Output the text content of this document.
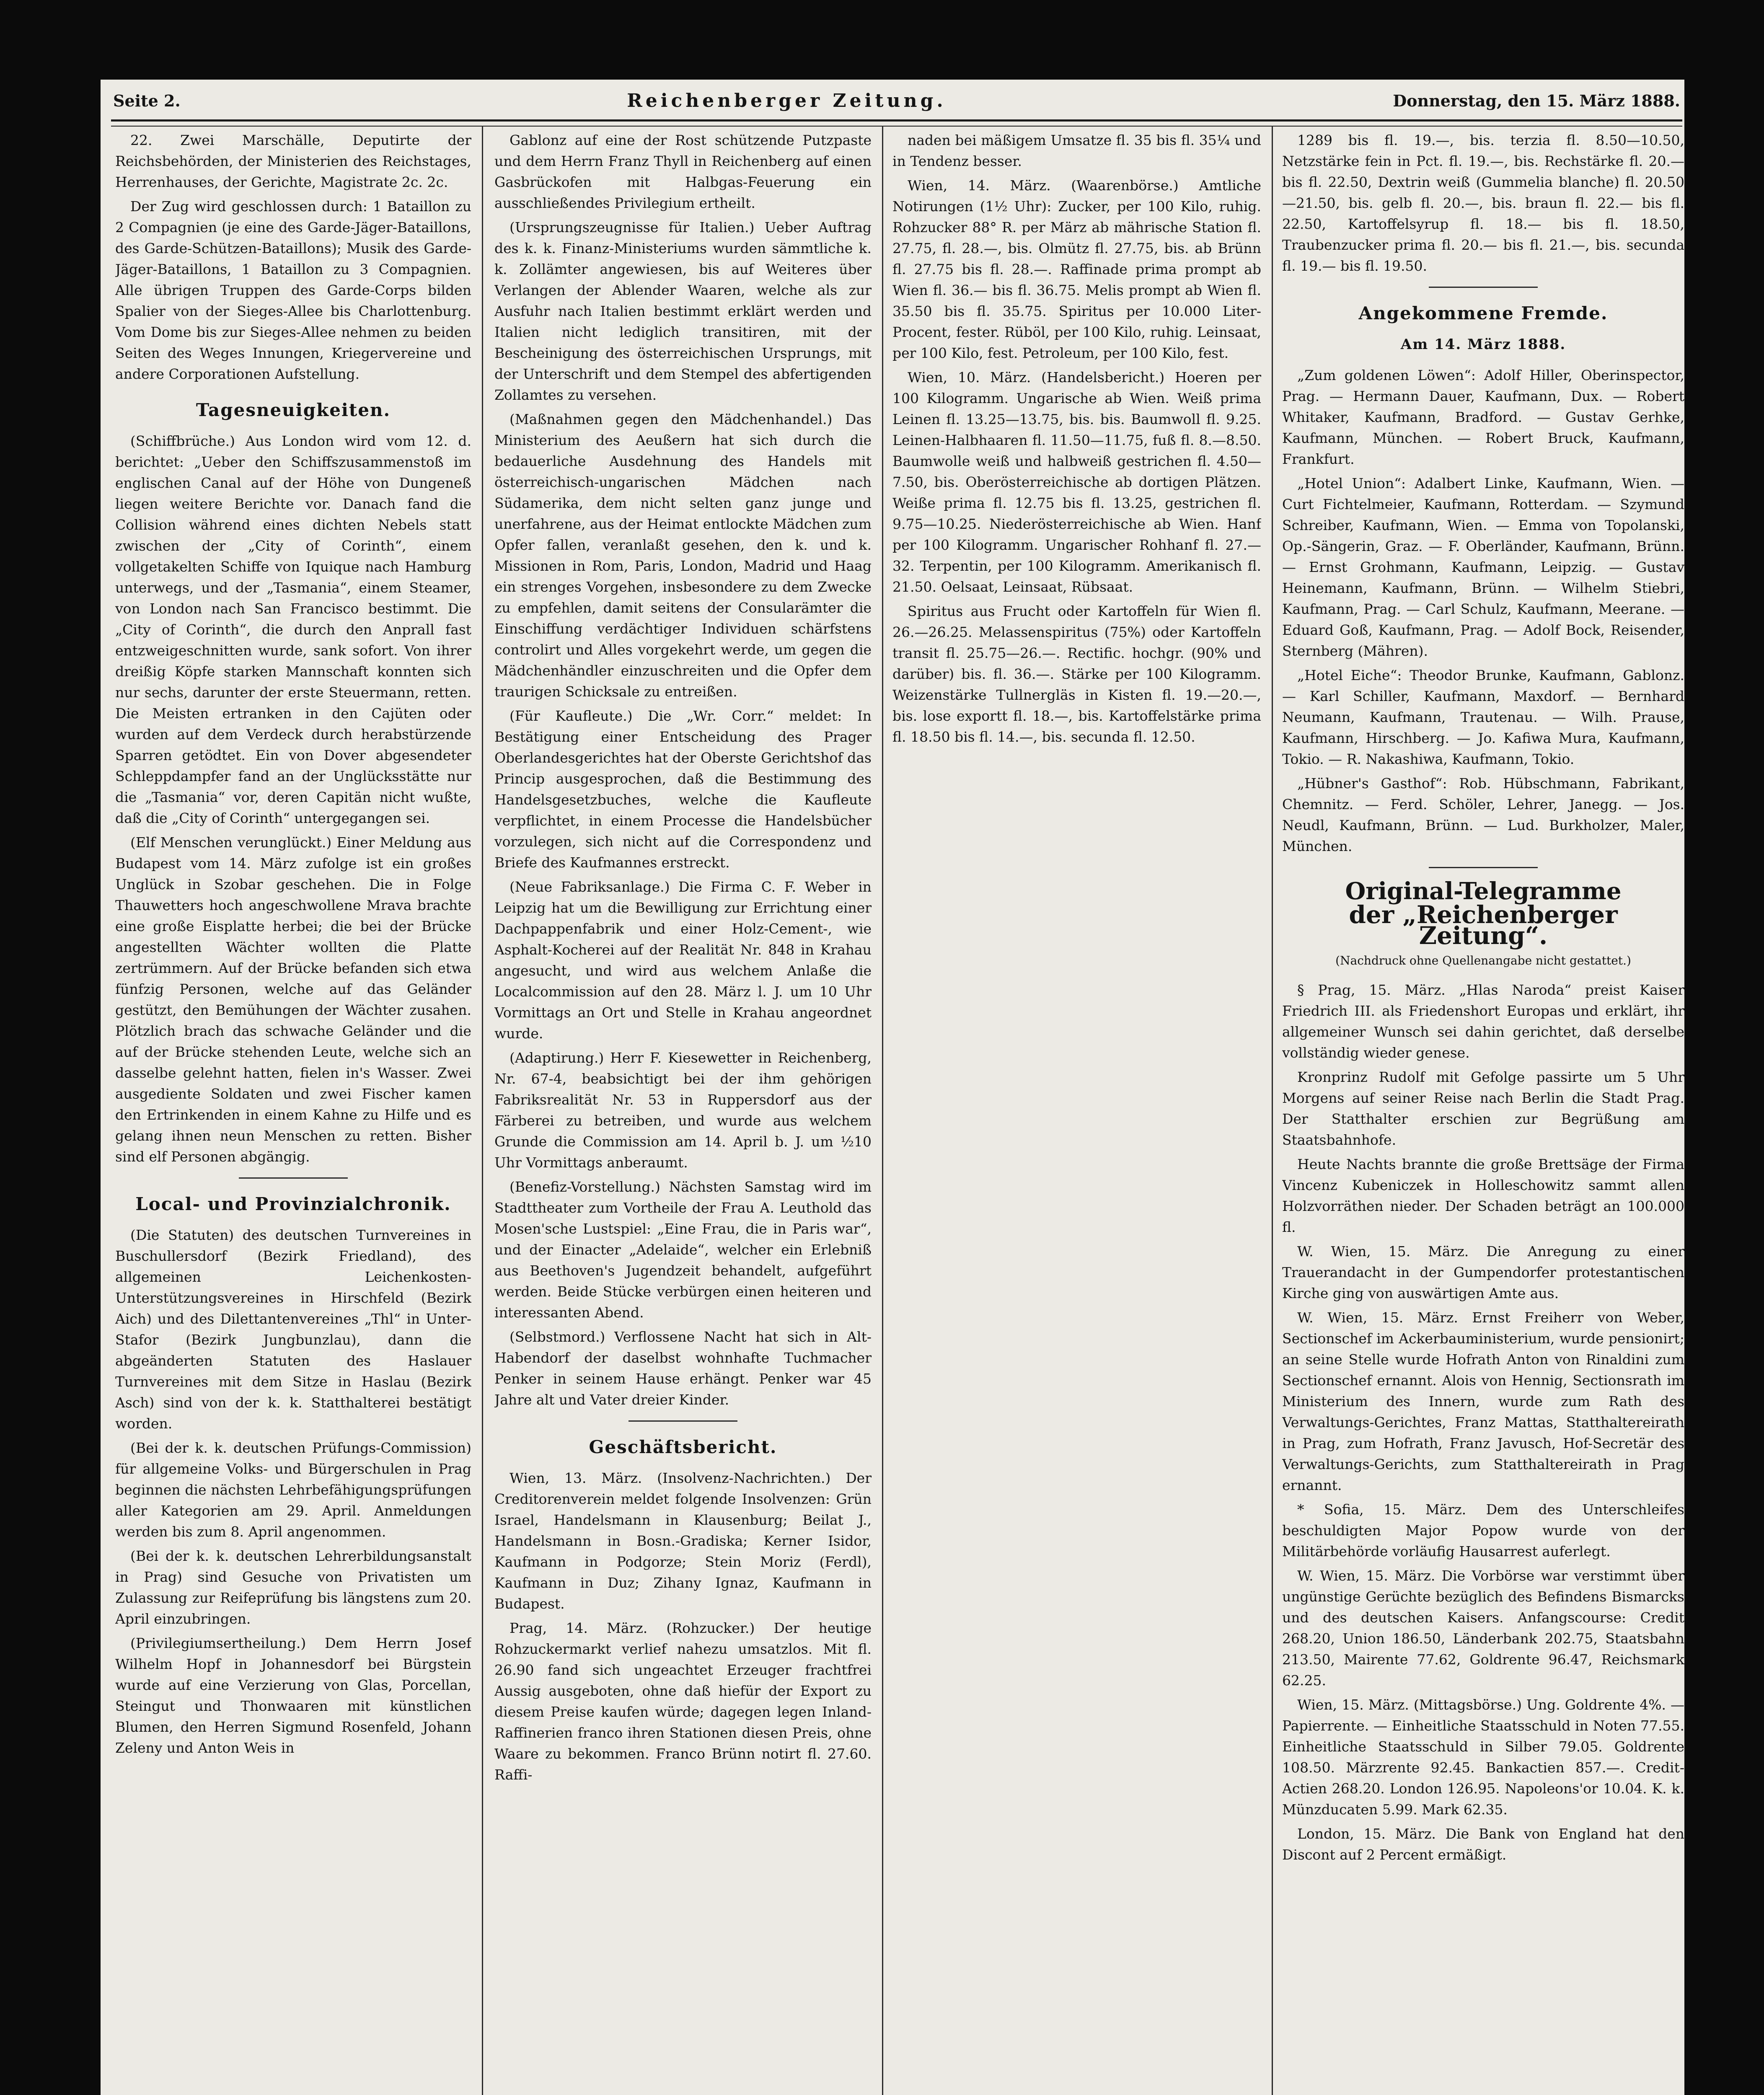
Seite 2.	Reichenberger Zeitung.	Donnerstag, den 15. März 1888.

22. Zwei Marschälle, Deputirte der Reichsbehörden, der Ministerien des Reichstages, Herrenhauses, der Gerichte, Magistrate 2c. 2c.

Der Zug wird geschlossen durch: 1 Bataillon zu 2 Compagnien (je eine des Garde-Jäger-Bataillons, des Garde-Schützen-Bataillons); Musik des Garde-Jäger-Bataillons, 1 Bataillon zu 3 Compagnien. Alle übrigen Truppen des Garde-Corps bilden Spalier von der Sieges-Allee bis Charlottenburg. Vom Dome bis zur Sieges-Allee nehmen zu beiden Seiten des Weges Innungen, Kriegervereine und andere Corporationen Aufstellung.

Tagesneuigkeiten.

(Schiffbrüche.) Aus London wird vom 12. d. berichtet: „Ueber den Schiffszusammenstoß im englischen Canal auf der Höhe von Dungeneß liegen weitere Berichte vor. Danach fand die Collision während eines dichten Nebels statt zwischen der „City of Corinth“, einem vollgetakelten Schiffe von Iquique nach Hamburg unterwegs, und der „Tasmania“, einem Steamer, von London nach San Francisco bestimmt. Die „City of Corinth“, die durch den Anprall fast entzweigeschnitten wurde, sank sofort. Von ihrer dreißig Köpfe starken Mannschaft konnten sich nur sechs, darunter der erste Steuermann, retten. Die Meisten ertranken in den Cajüten oder wurden auf dem Verdeck durch herabstürzende Sparren getödtet. Ein von Dover abgesendeter Schleppdampfer fand an der Unglücksstätte nur die „Tasmania“ vor, deren Capitän nicht wußte, daß die „City of Corinth“ untergegangen sei.

(Elf Menschen verunglückt.) Einer Meldung aus Budapest vom 14. März zufolge ist ein großes Unglück in Szobar geschehen. Die in Folge Thauwetters hoch angeschwollene Mrava brachte eine große Eisplatte herbei; die bei der Brücke angestellten Wächter wollten die Platte zertrümmern. Auf der Brücke befanden sich etwa fünfzig Personen, welche auf das Geländer gestützt, den Bemühungen der Wächter zusahen. Plötzlich brach das schwache Geländer und die auf der Brücke stehenden Leute, welche sich an dasselbe gelehnt hatten, fielen in's Wasser. Zwei ausgediente Soldaten und zwei Fischer kamen den Ertrinkenden in einem Kahne zu Hilfe und es gelang ihnen neun Menschen zu retten. Bisher sind elf Personen abgängig.

Local- und Provinzialchronik.

(Die Statuten) des deutschen Turnvereines in Buschullersdorf (Bezirk Friedland), des allgemeinen Leichenkosten-Unterstützungsvereines in Hirschfeld (Bezirk Aich) und des Dilettantenvereines „Thl“ in Unter-Stafor (Bezirk Jungbunzlau), dann die abgeänderten Statuten des Haslauer Turnvereines mit dem Sitze in Haslau (Bezirk Asch) sind von der k. k. Statthalterei bestätigt worden.

(Bei der k. k. deutschen Prüfungs-Commission) für allgemeine Volks- und Bürgerschulen in Prag beginnen die nächsten Lehrbefähigungsprüfungen aller Kategorien am 29. April. Anmeldungen werden bis zum 8. April angenommen.

(Bei der k. k. deutschen Lehrerbildungsanstalt in Prag) sind Gesuche von Privatisten um Zulassung zur Reifeprüfung bis längstens zum 20. April einzubringen.

(Privilegiumsertheilung.) Dem Herrn Josef Wilhelm Hopf in Johannesdorf bei Bürgstein wurde auf eine Verzierung von Glas, Porcellan, Steingut und Thonwaaren mit künstlichen Blumen, den Herren Sigmund Rosenfeld, Johann Zeleny und Anton Weis in

Gablonz auf eine der Rost schützende Putzpaste und dem Herrn Franz Thyll in Reichenberg auf einen Gasbrückofen mit Halbgas-Feuerung ein ausschließendes Privilegium ertheilt.

(Ursprungszeugnisse für Italien.) Ueber Auftrag des k. k. Finanz-Ministeriums wurden sämmtliche k. k. Zollämter angewiesen, bis auf Weiteres über Verlangen der Ablender Waaren, welche als zur Ausfuhr nach Italien bestimmt erklärt werden und Italien nicht lediglich transitiren, mit der Bescheinigung des österreichischen Ursprungs, mit der Unterschrift und dem Stempel des abfertigenden Zollamtes zu versehen.

(Maßnahmen gegen den Mädchenhandel.) Das Ministerium des Aeußern hat sich durch die bedauerliche Ausdehnung des Handels mit österreichisch-ungarischen Mädchen nach Südamerika, dem nicht selten ganz junge und unerfahrene, aus der Heimat entlockte Mädchen zum Opfer fallen, veranlaßt gesehen, den k. und k. Missionen in Rom, Paris, London, Madrid und Haag ein strenges Vorgehen, insbesondere zu dem Zwecke zu empfehlen, damit seitens der Consularämter die Einschiffung verdächtiger Individuen schärfstens controlirt und Alles vorgekehrt werde, um gegen die Mädchenhändler einzuschreiten und die Opfer dem traurigen Schicksale zu entreißen.

(Für Kaufleute.) Die „Wr. Corr.“ meldet: In Bestätigung einer Entscheidung des Prager Oberlandesgerichtes hat der Oberste Gerichtshof das Princip ausgesprochen, daß die Bestimmung des Handelsgesetzbuches, welche die Kaufleute verpflichtet, in einem Processe die Handelsbücher vorzulegen, sich nicht auf die Correspondenz und Briefe des Kaufmannes erstreckt.

(Neue Fabriksanlage.) Die Firma C. F. Weber in Leipzig hat um die Bewilligung zur Errichtung einer Dachpappenfabrik und einer Holz-Cement-, wie Asphalt-Kocherei auf der Realität Nr. 848 in Krahau angesucht, und wird aus welchem Anlaße die Localcommission auf den 28. März l. J. um 10 Uhr Vormittags an Ort und Stelle in Krahau angeordnet wurde.

(Adaptirung.) Herr F. Kiesewetter in Reichenberg, Nr. 67-4, beabsichtigt bei der ihm gehörigen Fabriksrealität Nr. 53 in Ruppersdorf aus der Färberei zu betreiben, und wurde aus welchem Grunde die Commission am 14. April b. J. um ½10 Uhr Vormittags anberaumt.

(Benefiz-Vorstellung.) Nächsten Samstag wird im Stadttheater zum Vortheile der Frau A. Leuthold das Mosen'sche Lustspiel: „Eine Frau, die in Paris war“, und der Einacter „Adelaide“, welcher ein Erlebniß aus Beethoven's Jugendzeit behandelt, aufgeführt werden. Beide Stücke verbürgen einen heiteren und interessanten Abend.

(Selbstmord.) Verflossene Nacht hat sich in Alt-Habendorf der daselbst wohnhafte Tuchmacher Penker in seinem Hause erhängt. Penker war 45 Jahre alt und Vater dreier Kinder.

Geschäftsbericht.

Wien, 13. März. (Insolvenz-Nachrichten.) Der Creditorenverein meldet folgende Insolvenzen: Grün Israel, Handelsmann in Klausenburg; Beilat J., Handelsmann in Bosn.-Gradiska; Kerner Isidor, Kaufmann in Podgorze; Stein Moriz (Ferdl), Kaufmann in Duz; Zihany Ignaz, Kaufmann in Budapest.

Prag, 14. März. (Rohzucker.) Der heutige Rohzuckermarkt verlief nahezu umsatzlos. Mit fl. 26.90 fand sich ungeachtet Erzeuger frachtfrei Aussig ausgeboten, ohne daß hiefür der Export zu diesem Preise kaufen würde; dagegen legen Inland-Raffinerien franco ihren Stationen diesen Preis, ohne Waare zu bekommen. Franco Brünn notirt fl. 27.60. Raffi-

naden bei mäßigem Umsatze fl. 35 bis fl. 35¼ und in Tendenz besser.

Wien, 14. März. (Waarenbörse.) Amtliche Notirungen (1½ Uhr): Zucker, per 100 Kilo, ruhig. Rohzucker 88° R. per März ab mährische Station fl. 27.75, fl. 28.—, bis. Olmütz fl. 27.75, bis. ab Brünn fl. 27.75 bis fl. 28.—. Raffinade prima prompt ab Wien fl. 36.— bis fl. 36.75. Melis prompt ab Wien fl. 35.50 bis fl. 35.75. Spiritus per 10.000 Liter-Procent, fester. Rüböl, per 100 Kilo, ruhig. Leinsaat, per 100 Kilo, fest. Petroleum, per 100 Kilo, fest.

Wien, 10. März. (Handelsbericht.) Hoeren per 100 Kilogramm. Ungarische ab Wien. Weiß prima Leinen fl. 13.25—13.75, bis. bis. Baumwoll fl. 9.25. Leinen-Halbhaaren fl. 11.50—11.75, fuß fl. 8.—8.50. Baumwolle weiß und halbweiß gestrichen fl. 4.50—7.50, bis. Oberösterreichische ab dortigen Plätzen. Weiße prima fl. 12.75 bis fl. 13.25, gestrichen fl. 9.75—10.25. Niederösterreichische ab Wien. Hanf per 100 Kilogramm. Ungarischer Rohhanf fl. 27.—32. Terpentin, per 100 Kilogramm. Amerikanisch fl. 21.50. Oelsaat, Leinsaat, Rübsaat.

Spiritus aus Frucht oder Kartoffeln für Wien fl. 26.—26.25. Melassenspiritus (75%) oder Kartoffeln transit fl. 25.75—26.—. Rectific. hochgr. (90% und darüber) bis. fl. 36.—. Stärke per 100 Kilogramm. Weizenstärke Tullnergläs in Kisten fl. 19.—20.—, bis. lose exportt fl. 18.—, bis. Kartoffelstärke prima fl. 18.50 bis fl. 14.—, bis. secunda fl. 12.50.

1289 bis fl. 19.—, bis. terzia fl. 8.50—10.50, Netzstärke fein in Pct. fl. 19.—, bis. Rechstärke fl. 20.— bis fl. 22.50, Dextrin weiß (Gummelia blanche) fl. 20.50—21.50, bis. gelb fl. 20.—, bis. braun fl. 22.— bis fl. 22.50, Kartoffelsyrup fl. 18.— bis fl. 18.50, Traubenzucker prima fl. 20.— bis fl. 21.—, bis. secunda fl. 19.— bis fl. 19.50.

Angekommene Fremde.
Am 14. März 1888.

„Zum goldenen Löwen“: Adolf Hiller, Oberinspector, Prag. — Hermann Dauer, Kaufmann, Dux. — Robert Whitaker, Kaufmann, Bradford. — Gustav Gerhke, Kaufmann, München. — Robert Bruck, Kaufmann, Frankfurt.

„Hotel Union“: Adalbert Linke, Kaufmann, Wien. — Curt Fichtelmeier, Kaufmann, Rotterdam. — Szymund Schreiber, Kaufmann, Wien. — Emma von Topolanski, Op.-Sängerin, Graz. — F. Oberländer, Kaufmann, Brünn. — Ernst Grohmann, Kaufmann, Leipzig. — Gustav Heinemann, Kaufmann, Brünn. — Wilhelm Stiebri, Kaufmann, Prag. — Carl Schulz, Kaufmann, Meerane. — Eduard Goß, Kaufmann, Prag. — Adolf Bock, Reisender, Sternberg (Mähren).

„Hotel Eiche“: Theodor Brunke, Kaufmann, Gablonz. — Karl Schiller, Kaufmann, Maxdorf. — Bernhard Neumann, Kaufmann, Trautenau. — Wilh. Prause, Kaufmann, Hirschberg. — Jo. Kafiwa Mura, Kaufmann, Tokio. — R. Nakashiwa, Kaufmann, Tokio.

„Hübner's Gasthof“: Rob. Hübschmann, Fabrikant, Chemnitz. — Ferd. Schöler, Lehrer, Janegg. — Jos. Neudl, Kaufmann, Brünn. — Lud. Burkholzer, Maler, München.

Original-Telegramme
der „Reichenberger Zeitung“.
(Nachdruck ohne Quellenangabe nicht gestattet.)

§ Prag, 15. März. „Hlas Naroda“ preist Kaiser Friedrich III. als Friedenshort Europas und erklärt, ihr allgemeiner Wunsch sei dahin gerichtet, daß derselbe vollständig wieder genese.

Kronprinz Rudolf mit Gefolge passirte um 5 Uhr Morgens auf seiner Reise nach Berlin die Stadt Prag. Der Statthalter erschien zur Begrüßung am Staatsbahnhofe.

Heute Nachts brannte die große Brettsäge der Firma Vincenz Kubeniczek in Holleschowitz sammt allen Holzvorräthen nieder. Der Schaden beträgt an 100.000 fl.

W. Wien, 15. März. Die Anregung zu einer Trauerandacht in der Gumpendorfer protestantischen Kirche ging von auswärtigen Amte aus.

W. Wien, 15. März. Ernst Freiherr von Weber, Sectionschef im Ackerbauministerium, wurde pensionirt; an seine Stelle wurde Hofrath Anton von Rinaldini zum Sectionschef ernannt. Alois von Hennig, Sectionsrath im Ministerium des Innern, wurde zum Rath des Verwaltungs-Gerichtes, Franz Mattas, Statthaltereirath in Prag, zum Hofrath, Franz Javusch, Hof-Secretär des Verwaltungs-Gerichts, zum Statthaltereirath in Prag ernannt.

* Sofia, 15. März. Dem des Unterschleifes beschuldigten Major Popow wurde von der Militärbehörde vorläufig Hausarrest auferlegt.

W. Wien, 15. März. Die Vorbörse war verstimmt über ungünstige Gerüchte bezüglich des Befindens Bismarcks und des deutschen Kaisers. Anfangscourse: Credit 268.20, Union 186.50, Länderbank 202.75, Staatsbahn 213.50, Mairente 77.62, Goldrente 96.47, Reichsmark 62.25.

Wien, 15. März. (Mittagsbörse.) Ung. Goldrente 4%. — Papierrente. — Einheitliche Staatsschuld in Noten 77.55. Einheitliche Staatsschuld in Silber 79.05. Goldrente 108.50. Märzrente 92.45. Bankactien 857.—. Credit-Actien 268.20. London 126.95. Napoleons'or 10.04. K. k. Münzducaten 5.99. Mark 62.35.

London, 15. März. Die Bank von England hat den Discont auf 2 Percent ermäßigt.
